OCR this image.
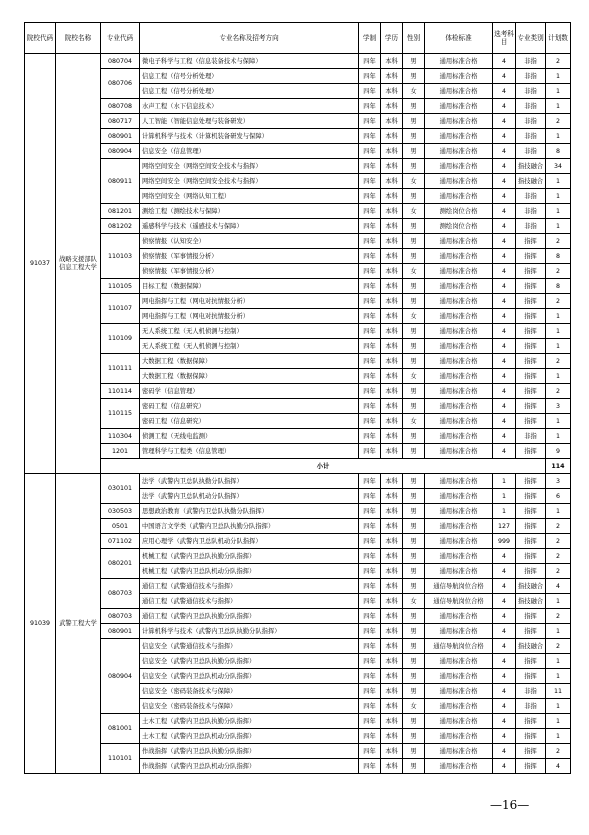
院校代码	院校名称	专业代码	专业名称及招考方向	学制	学历	性别	体检标准	选考科目	专业类别	计划数
91037	战略支援部队信息工程大学	080704	微电子科学与工程（信息装备技术与保障）	四年	本科	男	通用标准合格	4	非指	2
		080706	信息工程（信号分析处理）	四年	本科	男	通用标准合格	4	非指	1
			信息工程（信号分析处理）	四年	本科	女	通用标准合格	4	非指	1
		080708	水声工程（水下信息技术）	四年	本科	男	通用标准合格	4	非指	1
		080717	人工智能（智能信息处理与装备研发）	四年	本科	男	通用标准合格	4	非指	2
		080901	计算机科学与技术（计算机装备研发与保障）	四年	本科	男	通用标准合格	4	非指	1
		080904	信息安全（信息管理）	四年	本科	男	通用标准合格	4	非指	8
		080911	网络空间安全（网络空间安全技术与指挥）	四年	本科	男	通用标准合格	4	指技融合	34
			网络空间安全（网络空间安全技术与指挥）	四年	本科	女	通用标准合格	4	指技融合	1
			网络空间安全（网络认知工程）	四年	本科	男	通用标准合格	4	非指	1
		081201	测绘工程（测绘技术与保障）	四年	本科	女	测绘岗位合格	4	非指	1
		081202	遥感科学与技术（遥感技术与保障）	四年	本科	男	测绘岗位合格	4	非指	1
		110103	侦察情报（认知安全）	四年	本科	男	通用标准合格	4	指挥	2
			侦察情报（军事情报分析）	四年	本科	男	通用标准合格	4	指挥	8
			侦察情报（军事情报分析）	四年	本科	女	通用标准合格	4	指挥	2
		110105	目标工程（数据保障）	四年	本科	男	通用标准合格	4	指挥	8
		110107	网电指挥与工程（网电对抗情报分析）	四年	本科	男	通用标准合格	4	指挥	2
			网电指挥与工程（网电对抗情报分析）	四年	本科	女	通用标准合格	4	指挥	1
		110109	无人系统工程（无人机侦测与控制）	四年	本科	男	通用标准合格	4	指挥	1
			无人系统工程（无人机侦测与控制）	四年	本科	男	通用标准合格	4	指挥	1
		110111	大数据工程（数据保障）	四年	本科	男	通用标准合格	4	指挥	2
			大数据工程（数据保障）	四年	本科	女	通用标准合格	4	指挥	1
		110114	密码学（信息管理）	四年	本科	男	通用标准合格	4	指挥	2
		110115	密码工程（信息研究）	四年	本科	男	通用标准合格	4	指挥	3
			密码工程（信息研究）	四年	本科	女	通用标准合格	4	指挥	1
		110304	侦测工程（无线电监测）	四年	本科	男	通用标准合格	4	非指	1
		1201	管理科学与工程类（信息管理）	四年	本科	男	通用标准合格	4	指挥	9
		小计								114
91039	武警工程大学	030101	法学（武警内卫总队执勤分队指挥）	四年	本科	男	通用标准合格	1	指挥	3
			法学（武警内卫总队机动分队指挥）	四年	本科	男	通用标准合格	1	指挥	6
		030503	思想政治教育（武警内卫总队执勤分队指挥）	四年	本科	男	通用标准合格	1	指挥	1
		0501	中国语言文学类（武警内卫总队执勤分队指挥）	四年	本科	男	通用标准合格	127	指挥	2
		071102	应用心理学（武警内卫总队机动分队指挥）	四年	本科	男	通用标准合格	999	指挥	2
		080201	机械工程（武警内卫总队执勤分队指挥）	四年	本科	男	通用标准合格	4	指挥	2
			机械工程（武警内卫总队机动分队指挥）	四年	本科	男	通用标准合格	4	指挥	2
		080703	通信工程（武警通信技术与指挥）	四年	本科	男	通信导航岗位合格	4	指技融合	4
			通信工程（武警通信技术与指挥）	四年	本科	女	通信导航岗位合格	4	指技融合	1
		080703	通信工程（武警内卫总队执勤分队指挥）	四年	本科	男	通用标准合格	4	指挥	2
		080901	计算机科学与技术（武警内卫总队执勤分队指挥）	四年	本科	男	通用标准合格	4	指挥	1
		080904	信息安全（武警通信技术与指挥）	四年	本科	男	通信导航岗位合格	4	指技融合	2
			信息安全（武警内卫总队执勤分队指挥）	四年	本科	男	通用标准合格	4	指挥	1
			信息安全（武警内卫总队机动分队指挥）	四年	本科	男	通用标准合格	4	指挥	1
			信息安全（密码装备技术与保障）	四年	本科	男	通用标准合格	4	非指	11
			信息安全（密码装备技术与保障）	四年	本科	女	通用标准合格	4	非指	1
		081001	土木工程（武警内卫总队执勤分队指挥）	四年	本科	男	通用标准合格	4	指挥	1
			土木工程（武警内卫总队机动分队指挥）	四年	本科	男	通用标准合格	4	指挥	1
		110101	作战指挥（武警内卫总队执勤分队指挥）	四年	本科	男	通用标准合格	4	指挥	2
			作战指挥（武警内卫总队机动分队指挥）	四年	本科	男	通用标准合格	4	指挥	4
—16—
